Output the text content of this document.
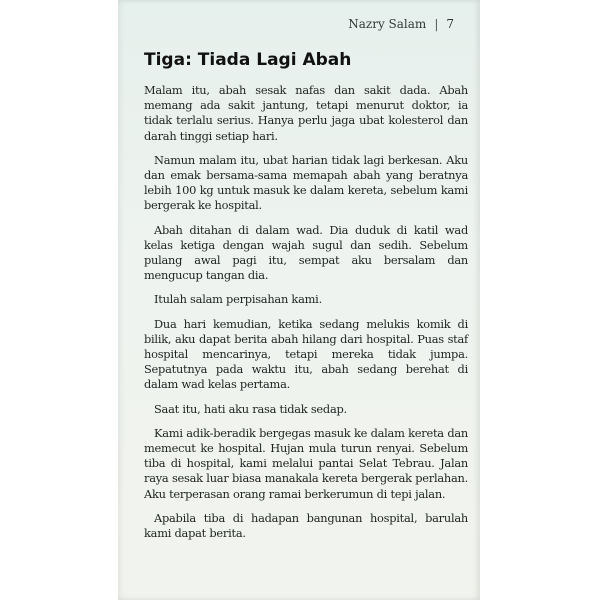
Nazry Salam | 7
Tiga: Tiada Lagi Abah

Malam itu, abah sesak nafas dan sakit dada. Abah memang ada sakit jantung, tetapi menurut doktor, ia tidak terlalu serius. Hanya perlu jaga ubat kolesterol dan darah tinggi setiap hari.

Namun malam itu, ubat harian tidak lagi berkesan. Aku dan emak bersama-sama memapah abah yang beratnya lebih 100 kg untuk masuk ke dalam kereta, sebelum kami bergerak ke hospital.

Abah ditahan di dalam wad. Dia duduk di katil wad kelas ketiga dengan wajah sugul dan sedih. Sebelum pulang awal pagi itu, sempat aku bersalam dan mengucup tangan dia.

Itulah salam perpisahan kami.

Dua hari kemudian, ketika sedang melukis komik di bilik, aku dapat berita abah hilang dari hospital. Puas staf hospital mencarinya, tetapi mereka tidak jumpa. Sepatutnya pada waktu itu, abah sedang berehat di dalam wad kelas pertama.

Saat itu, hati aku rasa tidak sedap.

Kami adik-beradik bergegas masuk ke dalam kereta dan memecut ke hospital. Hujan mula turun renyai. Sebelum tiba di hospital, kami melalui pantai Selat Tebrau. Jalan raya sesak luar biasa manakala kereta bergerak perlahan. Aku terperasan orang ramai berkerumun di tepi jalan.

Apabila tiba di hadapan bangunan hospital, barulah kami dapat berita.
